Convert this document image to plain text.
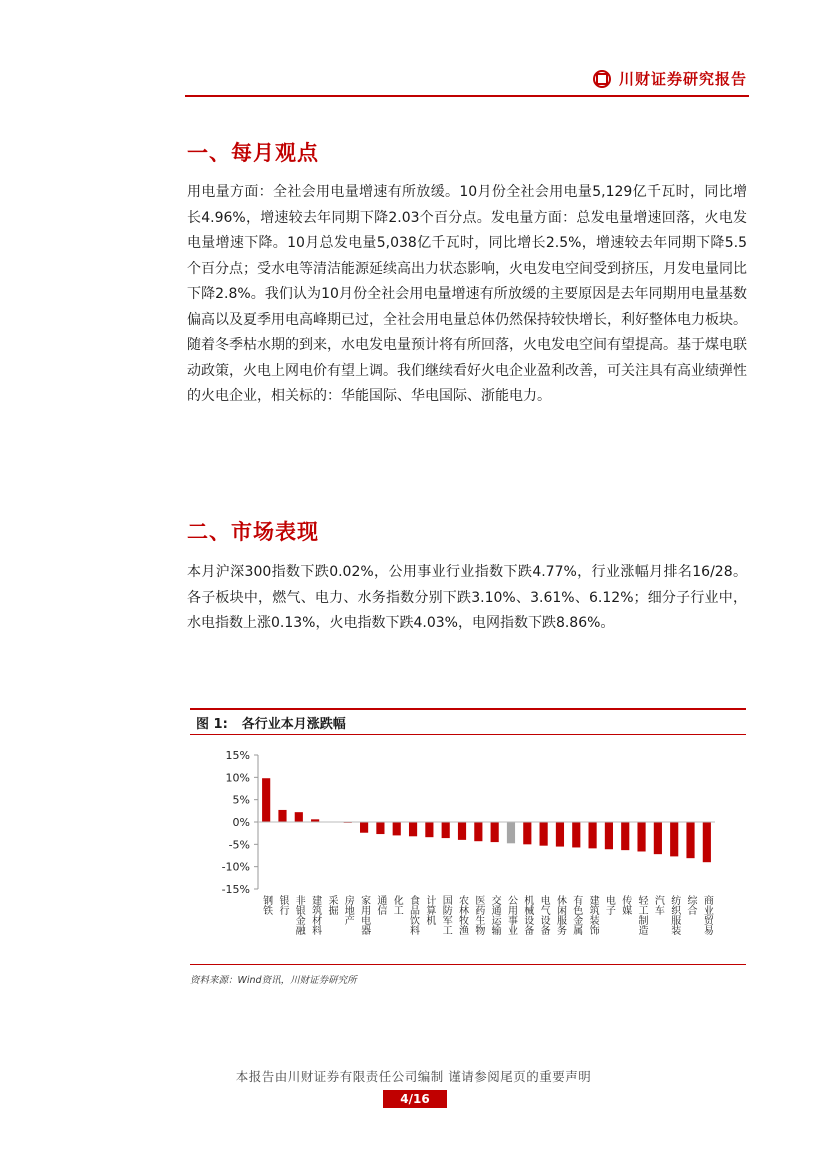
川财证券研究报告
一、每月观点
用电量方面：全社会用电量增速有所放缓。10月份全社会用电量5,129亿千瓦时，同比增长4.96%，增速较去年同期下降2.03个百分点。发电量方面：总发电量增速回落，火电发电量增速下降。10月总发电量5,038亿千瓦时，同比增长2.5%，增速较去年同期下降5.5个百分点；受水电等清洁能源延续高出力状态影响，火电发电空间受到挤压，月发电量同比下降2.8%。我们认为10月份全社会用电量增速有所放缓的主要原因是去年同期用电量基数偏高以及夏季用电高峰期已过，全社会用电量总体仍然保持较快增长，利好整体电力板块。随着冬季枯水期的到来，水电发电量预计将有所回落，火电发电空间有望提高。基于煤电联动政策，火电上网电价有望上调。我们继续看好火电企业盈利改善，可关注具有高业绩弹性的火电企业，相关标的：华能国际、华电国际、浙能电力。
二、市场表现
本月沪深300指数下跌0.02%，公用事业行业指数下跌4.77%，行业涨幅月排名16/28。各子板块中，燃气、电力、水务指数分别下跌3.10%、3.61%、6.12%；细分子行业中，水电指数上涨0.13%，火电指数下跌4.03%，电网指数下跌8.86%。
图 1: 各行业本月涨跌幅
15%
10%
5%
0%
-5%
-10%
-15%
钢铁 银行 非银金融 建筑材料 采掘 房地产 家用电器 通信 化工 食品饮料 计算机 国防军工 农林牧渔 医药生物 交通运输 公用事业 机械设备 电气设备 休闲服务 有色金属 建筑装饰 电子 传媒 轻工制造 汽车 纺织服装 综合 商业贸易
资料来源：Wind资讯，川财证券研究所
本报告由川财证券有限责任公司编制 谨请参阅尾页的重要声明
4/16
